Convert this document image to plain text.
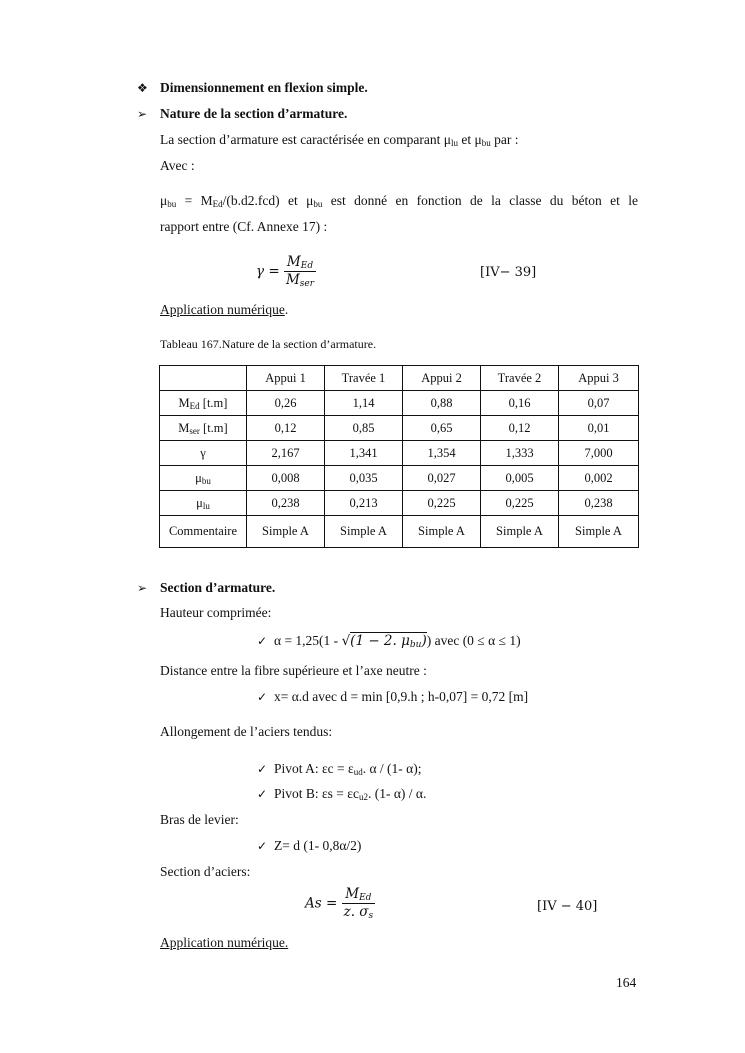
❖ Dimensionnement en flexion simple.
➢ Nature de la section d’armature.
La section d’armature est caractérisée en comparant $\mu_{lu}$ et $\mu_{bu}$ par :
Avec :
$\mu_{bu} = M_{Ed}/(b.d2.fcd)$ et $\mu_{bu}$ est donné en fonction de la classe du béton et le
rapport entre (Cf. Annexe 17) :
$\gamma = \frac{M_{Ed}}{M_{ser}}$	[IV− 39]
Application numérique.
Tableau 167.Nature de la section d’armature.
	Appui 1	Travée 1	Appui 2	Travée 2	Appui 3
$M_{Ed}$ [t.m]	0,26	1,14	0,88	0,16	0,07
$M_{ser}$ [t.m]	0,12	0,85	0,65	0,12	0,01
γ	2,167	1,341	1,354	1,333	7,000
$\mu_{bu}$	0,008	0,035	0,027	0,005	0,002
$\mu_{lu}$	0,238	0,213	0,225	0,225	0,238
Commentaire	Simple A	Simple A	Simple A	Simple A	Simple A
➢ Section d’armature.
Hauteur comprimée:
✓ α = 1,25(1 - √(1 − 2. $\mu_{bu}$)) avec (0 ≤ α ≤ 1)
Distance entre la fibre supérieure et l’axe neutre :
✓ x= α.d avec d = min [0,9.h ; h-0,07] = 0,72 [m]
Allongement de l’aciers tendus:
✓ Pivot A: $\varepsilon c = \varepsilon_{ud}$. α / (1- α);
✓ Pivot B: $\varepsilon s = \varepsilon c_{u2}$. (1- α) / α.
Bras de levier:
✓ Z= d (1- 0,8α/2)
Section d’aciers:
$As = \frac{M_{Ed}}{z. \sigma_s}$	[IV − 40]
Application numérique.
164
